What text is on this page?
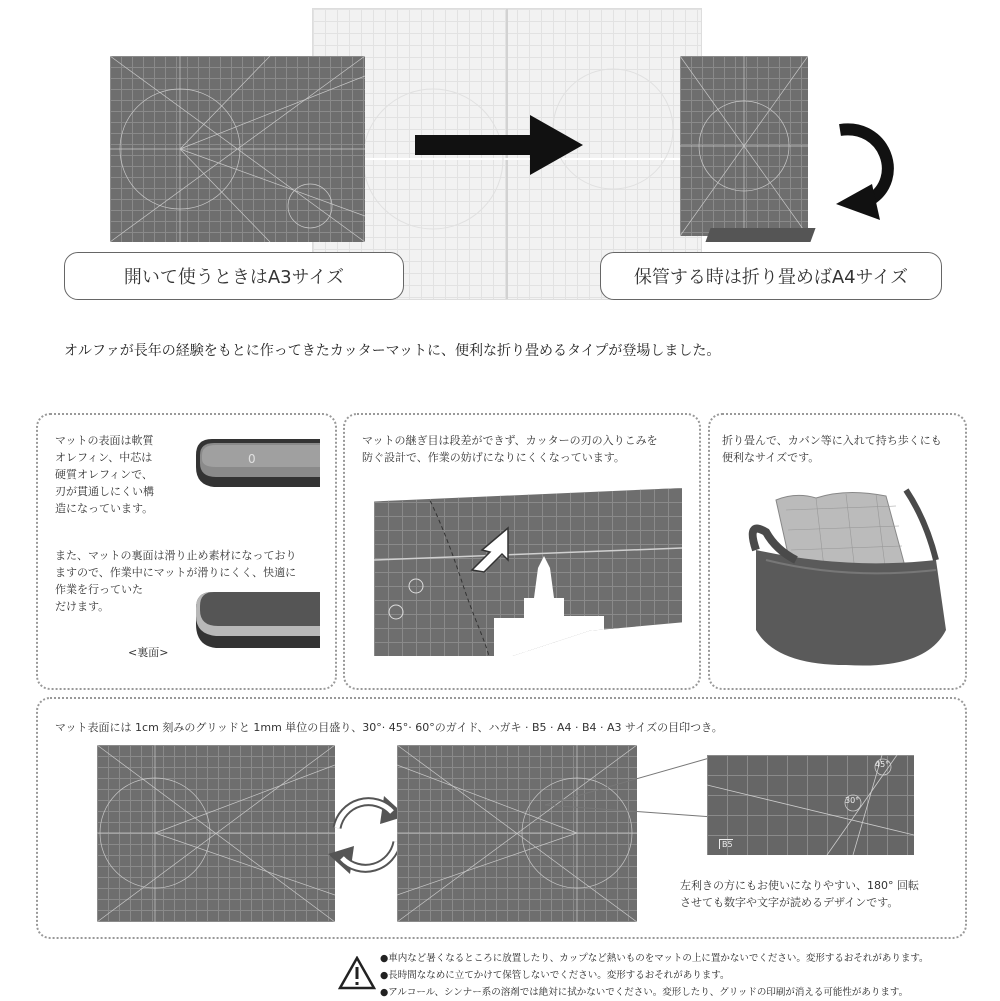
開いて使うときはA3サイズ	保管する時は折り畳めばA4サイズ
オルファが長年の経験をもとに作ってきたカッターマットに、便利な折り畳めるタイプが登場しました。
マットの表面は軟質
オレフィン、中芯は
硬質オレフィンで、
刃が貫通しにくい構
造になっています。
0
また、マットの裏面は滑り止め素材になっており
ますので、作業中にマットが滑りにくく、快適に
作業を行っていた
だけます。
<裏面>
マットの継ぎ目は段差ができず、カッターの刃の入りこみを
防ぐ設計で、作業の妨げになりにくくなっています。
折り畳んで、カバン等に入れて持ち歩くにも
便利なサイズです。
マット表面には 1cm 刻みのグリッドと 1mm 単位の目盛り、30°· 45°· 60°のガイド、ハガキ · B5 · A4 · B4 · A3 サイズの目印つき。
45°
30°
B5
左利きの方にもお使いになりやすい、180° 回転
させても数字や文字が読めるデザインです。
●車内など暑くなるところに放置したり、カップなど熱いものをマットの上に置かないでください。変形するおそれがあります。
●長時間ななめに立てかけて保管しないでください。変形するおそれがあります。
●アルコール、シンナー系の溶剤では絶対に拭かないでください。変形したり、グリッドの印刷が消える可能性があります。
